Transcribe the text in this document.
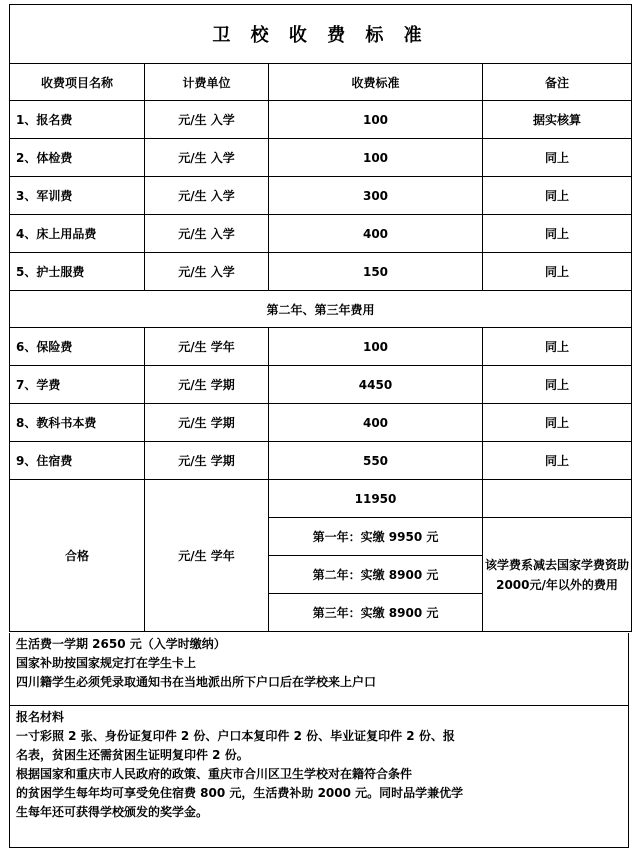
卫 校 收 费 标 准			
收费项目名称	计费单位	收费标准	备注
1、报名费	元/生 入学	100	据实核算
2、体检费	元/生 入学	100	同上
3、军训费	元/生 入学	300	同上
4、床上用品费	元/生 入学	400	同上
5、护士服费	元/生 入学	150	同上
第二年、第三年费用			
6、保险费	元/生 学年	100	同上
7、学费	元/生 学期	4450	同上
8、教科书本费	元/生 学期	400	同上
9、住宿费	元/生 学期	550	同上
合格	元/生 学年	11950	
		第一年：实缴 9950 元	该学费系减去国家学费资助2000元/年以外的费用
		第二年：实缴 8900 元	
		第三年：实缴 8900 元	

生活费一学期 2650 元（入学时缴纳）

国家补助按国家规定打在学生卡上

四川籍学生必须凭录取通知书在当地派出所下户口后在学校来上户口

报名材料

一寸彩照 2 张、身份证复印件 2 份、户口本复印件 2 份、毕业证复印件 2 份、报

名表，贫困生还需贫困生证明复印件 2 份。

根据国家和重庆市人民政府的政策、重庆市合川区卫生学校对在籍符合条件

的贫困学生每年均可享受免住宿费 800 元，生活费补助 2000 元。同时品学兼优学

生每年还可获得学校颁发的奖学金。
